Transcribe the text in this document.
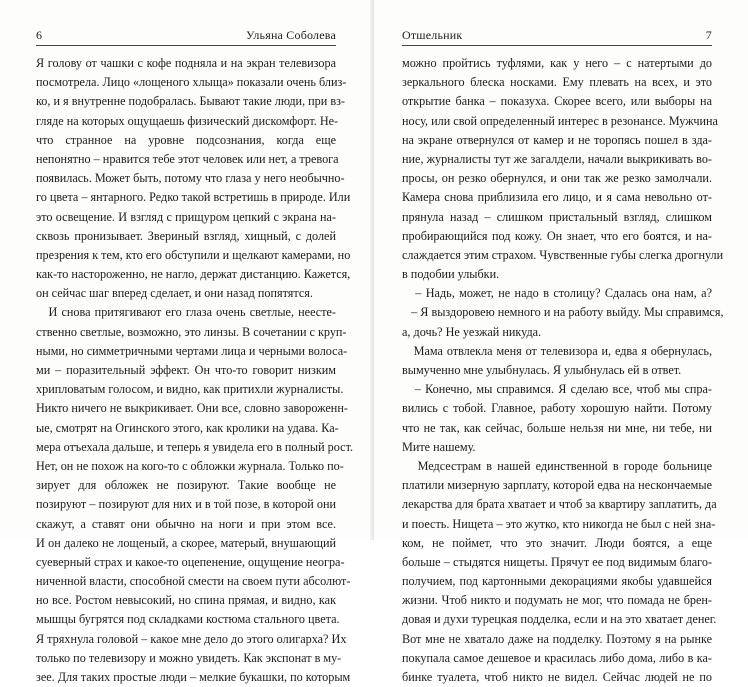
6	Ульяна Соболева
Я голову от чашки с кофе подняла и на экран телевизора
посмотрела. Лицо «лощеного хлыща» показали очень близ-
ко, и я внутренне подобралась. Бывают такие люди, при вз-
гляде на которых ощущаешь физический дискомфорт. Не-
что странное на уровне подсознания, когда еще
непонятно – нравится тебе этот человек или нет, а тревога
появилась. Может быть, потому что глаза у него необычно-
го цвета – янтарного. Редко такой встретишь в природе. Или
это освещение. И взгляд с прищуром цепкий с экрана на-
сквозь пронизывает. Звериный взгляд, хищный, с долей
презрения к тем, кто его обступили и щелкают камерами, но
как-то настороженно, не нагло, держат дистанцию. Кажется,
он сейчас шаг вперед сделает, и они назад попятятся.
И снова притягивают его глаза очень светлые, неесте-
ственно светлые, возможно, это линзы. В сочетании с круп-
ными, но симметричными чертами лица и черными волоса-
ми – поразительный эффект. Он что-то говорит низким
хрипловатым голосом, и видно, как притихли журналисты.
Никто ничего не выкрикивает. Они все, словно завороженн-
ые, смотрят на Огинского этого, как кролики на удава. Ка-
мера отъехала дальше, и теперь я увидела его в полный рост.
Нет, он не похож на кого-то с обложки журнала. Только по-
зирует для обложек не позируют. Такие вообще не
позируют – позируют для них и в той позе, в которой они
скажут, а ставят они обычно на ноги и при этом все.
И он далеко не лощеный, а скорее, матерый, внушающий
суеверный страх и какое-то оцепенение, ощущение неогра-
ниченной власти, способной смести на своем пути абсолют-
но все. Ростом невысокий, но спина прямая, и видно, как
мышцы бугрятся под складками костюма стального цвета.
Я тряхнула головой – какое мне дело до этого олигарха? Их
только по телевизору и можно увидеть. Как экспонат в му-
зее. Для таких простые люди – мелкие букашки, по которым
Отшельник	7
можно пройтись туфлями, как у него – с натертыми до
зеркального блеска носками. Ему плевать на всех, и это
открытие банка – показуха. Скорее всего, или выборы на
носу, или свой определенный интерес в резонансе. Мужчина
на экране отвернулся от камер и не торопясь пошел в зда-
ние, журналисты тут же загалдели, начали выкрикивать во-
просы, он резко обернулся, и они так же резко замолчали.
Камера снова приблизила его лицо, и я сама невольно от-
прянула назад – слишком пристальный взгляд, слишком
пробирающийся под кожу. Он знает, что его боятся, и на-
слаждается этим страхом. Чувственные губы слегка дрогнули
в подобии улыбки.
– Надь, может, не надо в столицу? Сдалась она нам, а?
– Я выздоровею немного и на работу выйду. Мы справимся,
а, дочь? Не уезжай никуда.
Мама отвлекла меня от телевизора и, едва я обернулась,
вымученно мне улыбнулась. Я улыбнулась ей в ответ.
– Конечно, мы справимся. Я сделаю все, чтоб мы спра-
вились с тобой. Главное, работу хорошую найти. Потому
что не так, как сейчас, больше нельзя ни мне, ни тебе, ни
Мите нашему.
Медсестрам в нашей единственной в городе больнице
платили мизерную зарплату, которой едва на нескончаемые
лекарства для брата хватает и чтоб за квартиру заплатить, да
и поесть. Нищета – это жутко, кто никогда не был с ней зна-
ком, не поймет, что это значит. Люди боятся, а еще
больше – стыдятся нищеты. Прячут ее под видимым благо-
получием, под картонными декорациями якобы удавшейся
жизни. Чтоб никто и подумать не мог, что помада не брен-
довая и духи турецкая подделка, если и на это хватает денег.
Вот мне не хватало даже на подделку. Поэтому я на рынке
покупала самое дешевое и красилась либо дома, либо в ка-
бинке туалета, чтоб никто не видел. Сейчас людей не по
